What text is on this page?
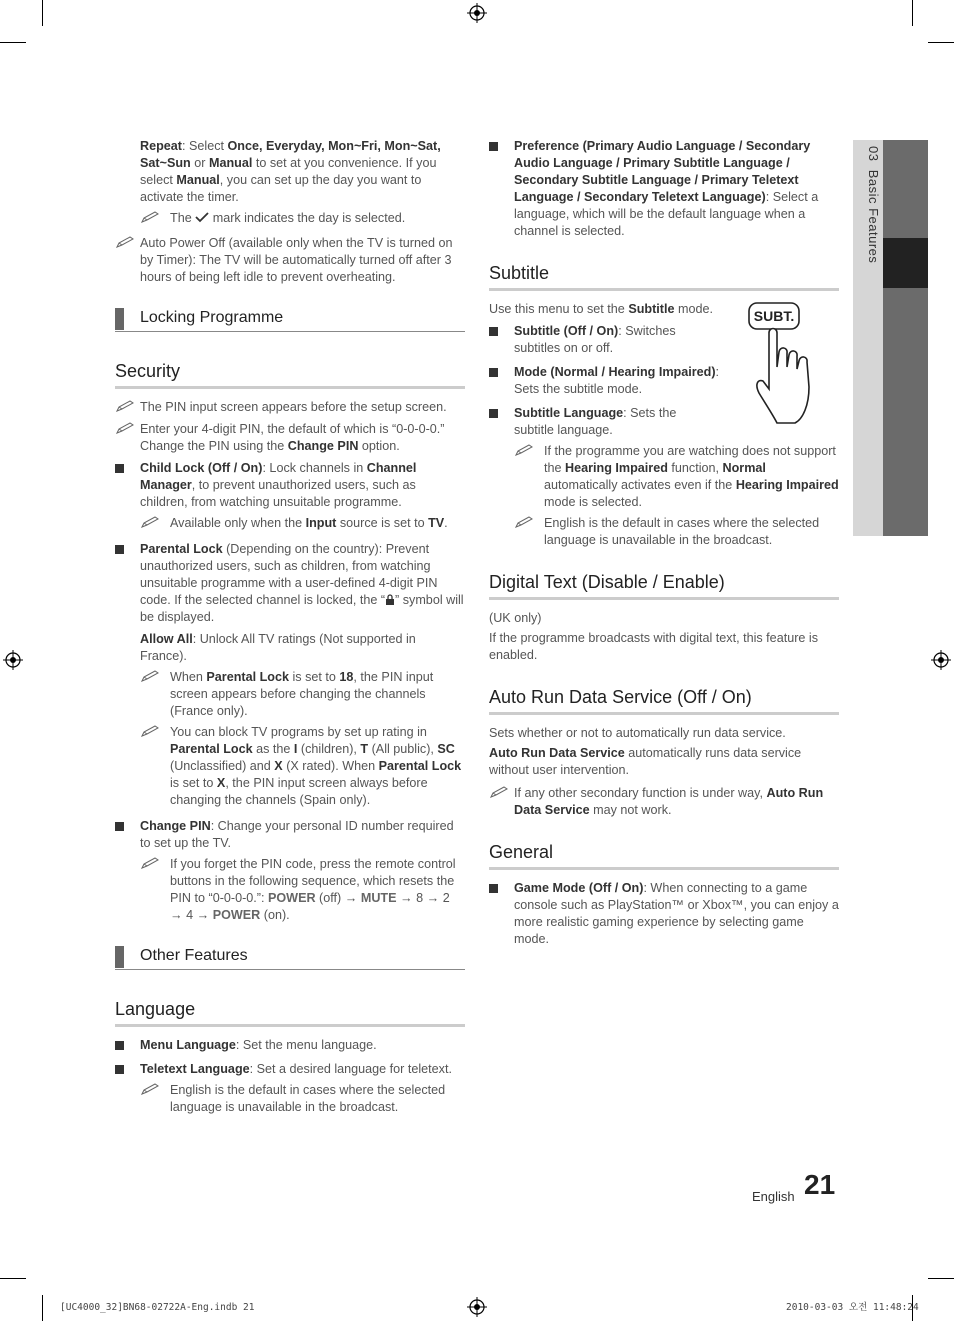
03  Basic Features

Repeat: Select Once, Everyday, Mon~Fri, Mon~Sat, Sat~Sun or Manual to set at you convenience. If you select Manual, you can set up the day you want to activate the timer.

The  mark indicates the day is selected.
Auto Power Off (available only when the TV is turned on by Timer): The TV will be automatically turned off after 3 hours of being left idle to prevent overheating.
Locking Programme
Security
The PIN input screen appears before the setup screen.
Enter your 4-digit PIN, the default of which is “0-0-0-0.” Change the PIN using the Change PIN option.
Child Lock (Off / On): Lock channels in Channel Manager, to prevent unauthorized users, such as children, from watching unsuitable programme.
Available only when the Input source is set to TV.
Parental Lock (Depending on the country): Prevent unauthorized users, such as children, from watching unsuitable programme with a user-defined 4-digit PIN code. If the selected channel is locked, the “ ” symbol will be displayed.

Allow All: Unlock All TV ratings (Not supported in France).

When Parental Lock is set to 18, the PIN input screen appears before changing the channels (France only).
You can block TV programs by set up rating in Parental Lock as the I (children), T (All public), SC (Unclassified) and X (X rated). When Parental Lock is set to X, the PIN input screen always before changing the channels (Spain only).
Change PIN: Change your personal ID number required to set up the TV.
If you forget the PIN code, press the remote control buttons in the following sequence, which resets the PIN to “0-0-0-0.”: POWER (off) → MUTE → 8 → 2 → 4 → POWER (on).
Other Features
Language
Menu Language: Set the menu language.
Teletext Language: Set a desired language for teletext.
English is the default in cases where the selected language is unavailable in the broadcast.
Preference (Primary Audio Language / Secondary Audio Language / Primary Subtitle Language / Secondary Subtitle Language / Primary Teletext Language / Secondary Teletext Language): Select a language, which will be the default language when a channel is selected.
Subtitle
SUBT.

Use this menu to set the Subtitle mode.

Subtitle (Off / On): Switches subtitles on or off.
Mode (Normal / Hearing Impaired): Sets the subtitle mode.
Subtitle Language: Sets the subtitle language.
If the programme you are watching does not support the Hearing Impaired function, Normal automatically activates even if the Hearing Impaired mode is selected.
English is the default in cases where the selected language is unavailable in the broadcast.
Digital Text (Disable / Enable)

(UK only)

If the programme broadcasts with digital text, this feature is enabled.

Auto Run Data Service (Off / On)

Sets whether or not to automatically run data service.

Auto Run Data Service automatically runs data service without user intervention.

If any other secondary function is under way, Auto Run Data Service may not work.
General
Game Mode (Off / On): When connecting to a game console such as PlayStation™ or Xbox™, you can enjoy a more realistic gaming experience by selecting game mode.
English 21
[UC4000_32]BN68-02722A-Eng.indb 21	2010-03-03 오전 11:48:24
